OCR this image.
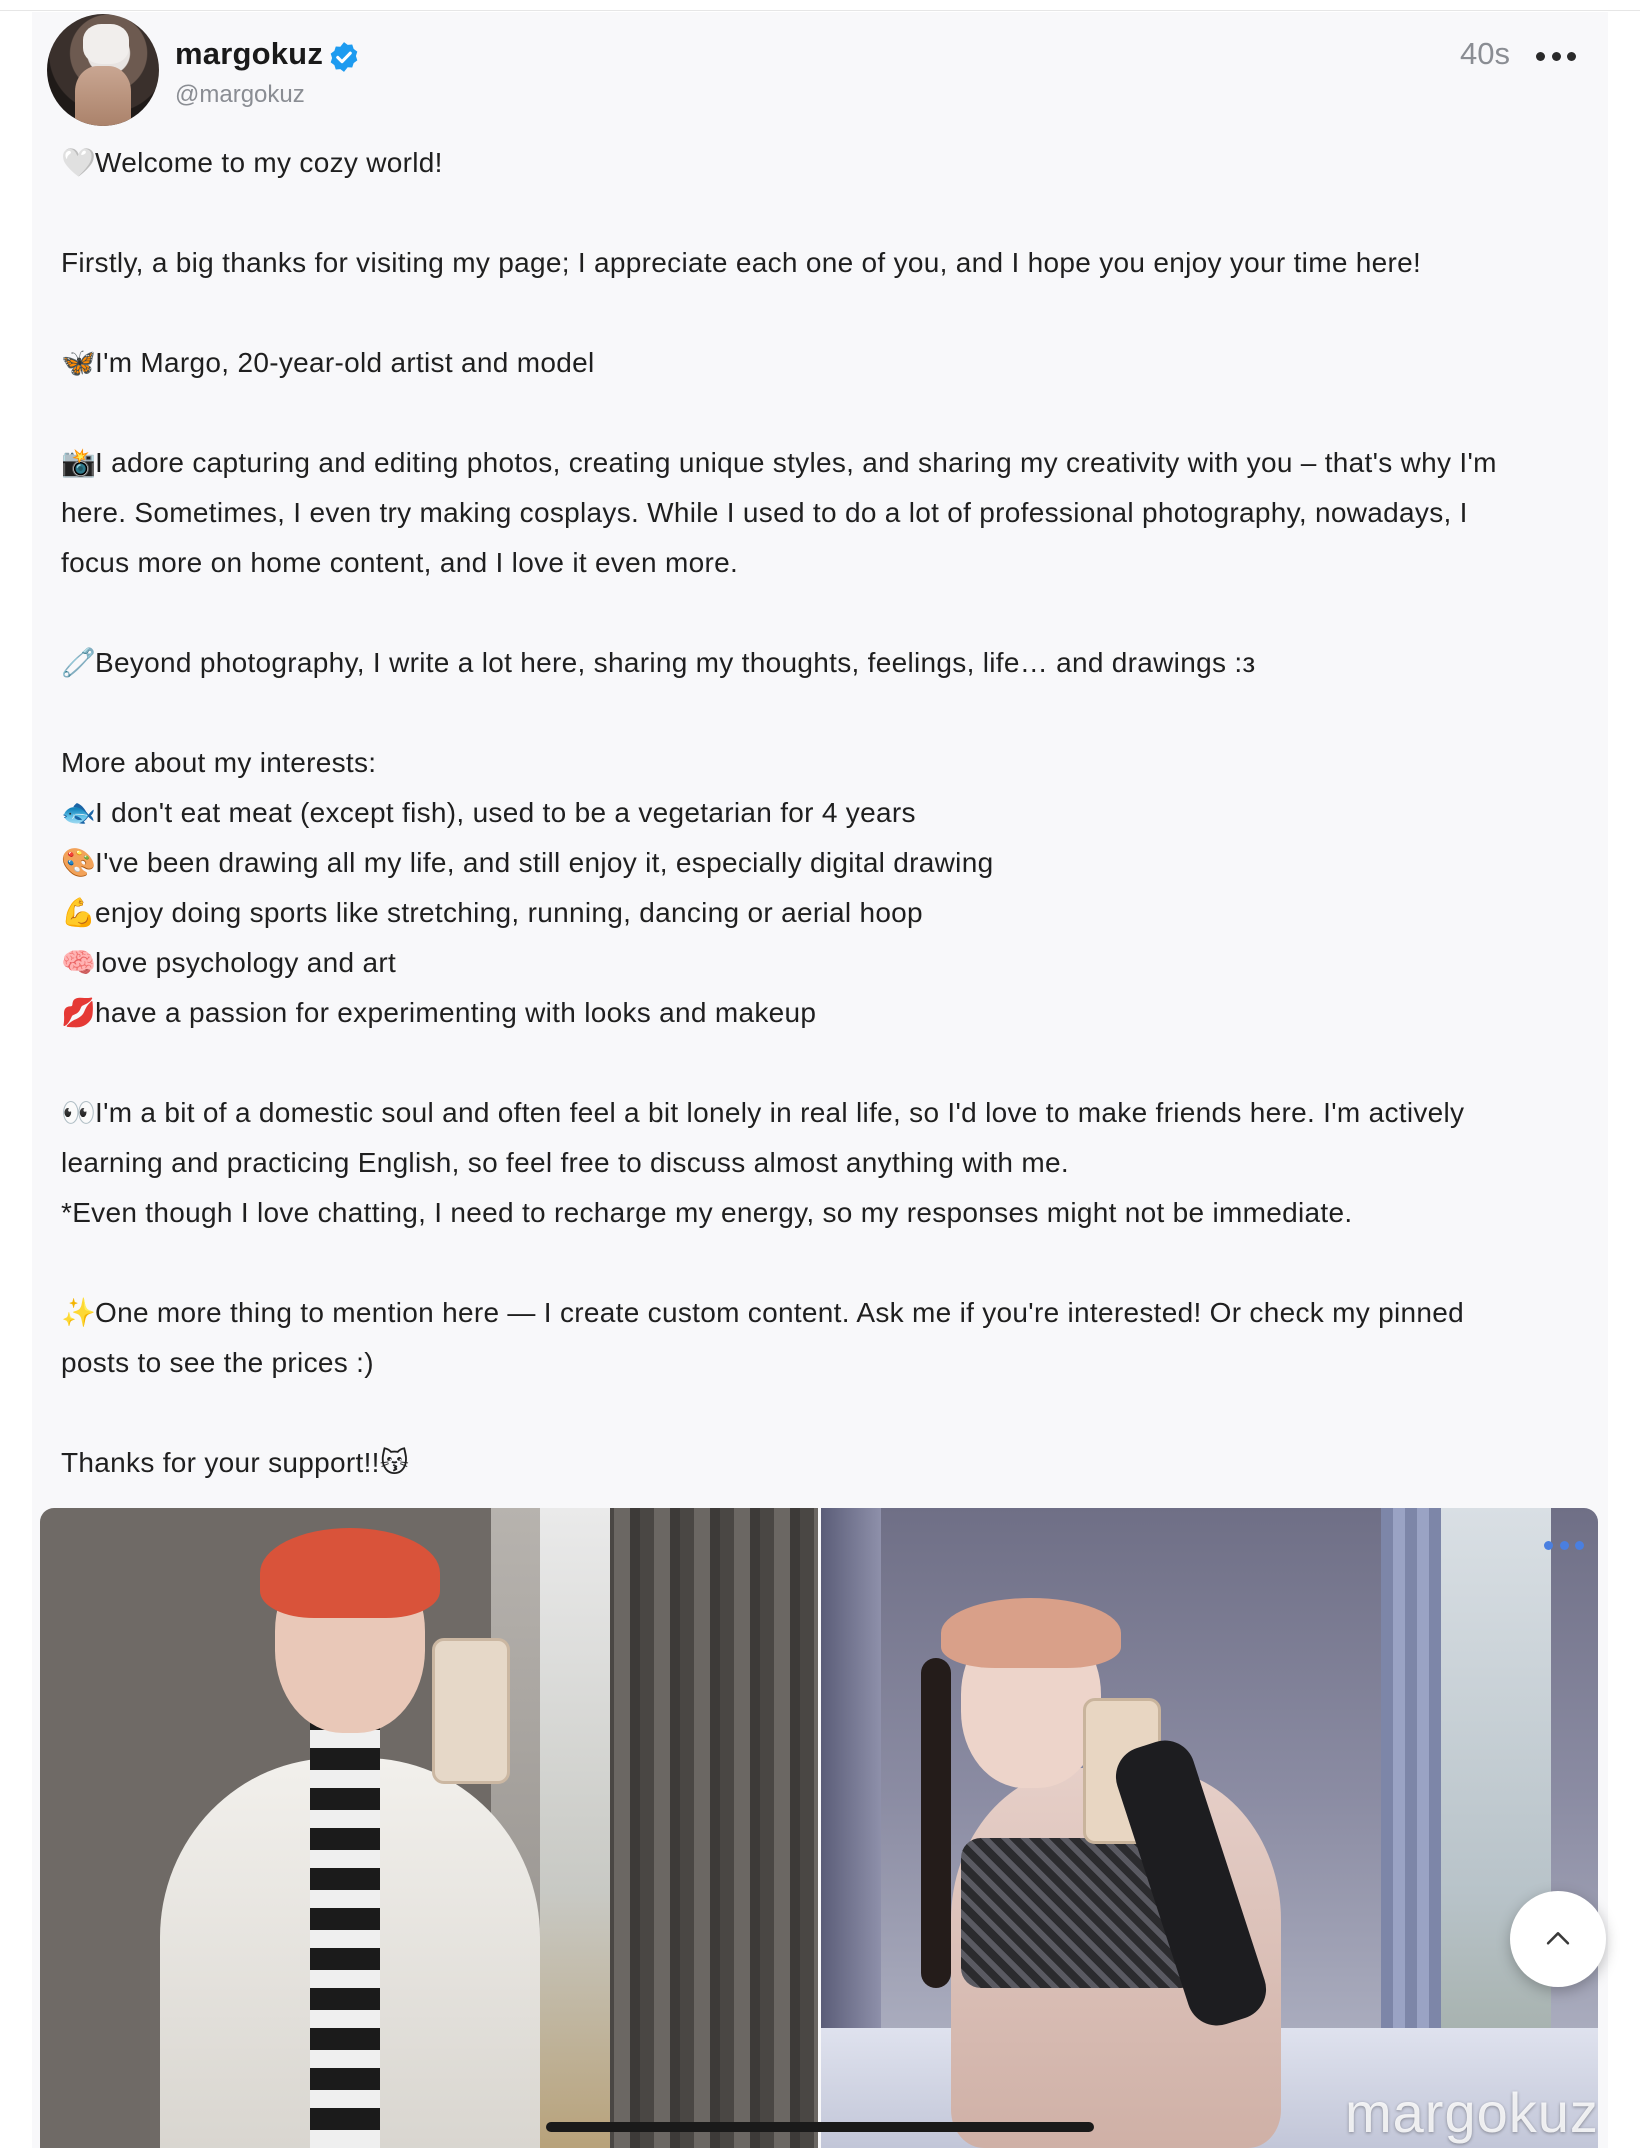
margokuz
@margokuz
40s
🤍Welcome to my cozy world!
Firstly, a big thanks for visiting my page; I appreciate each one of you, and I hope you enjoy your time here!
🦋I'm Margo, 20-year-old artist and model
📸I adore capturing and editing photos, creating unique styles, and sharing my creativity with you – that's why I'm
here. Sometimes, I even try making cosplays. While I used to do a lot of professional photography, nowadays, I
focus more on home content, and I love it even more.
🧷Beyond photography, I write a lot here, sharing my thoughts, feelings, life… and drawings :з
More about my interests:
🐟I don't eat meat (except fish), used to be a vegetarian for 4 years
🎨I've been drawing all my life, and still enjoy it, especially digital drawing
💪enjoy doing sports like stretching, running, dancing or aerial hoop
🧠love psychology and art
💋have a passion for experimenting with looks and makeup
👀I'm a bit of a domestic soul and often feel a bit lonely in real life, so I'd love to make friends here. I'm actively
learning and practicing English, so feel free to discuss almost anything with me.
*Even though I love chatting, I need to recharge my energy, so my responses might not be immediate.
✨One more thing to mention here — I create custom content. Ask me if you're interested! Or check my pinned
posts to see the prices :)
Thanks for your support!!😽
margokuz
